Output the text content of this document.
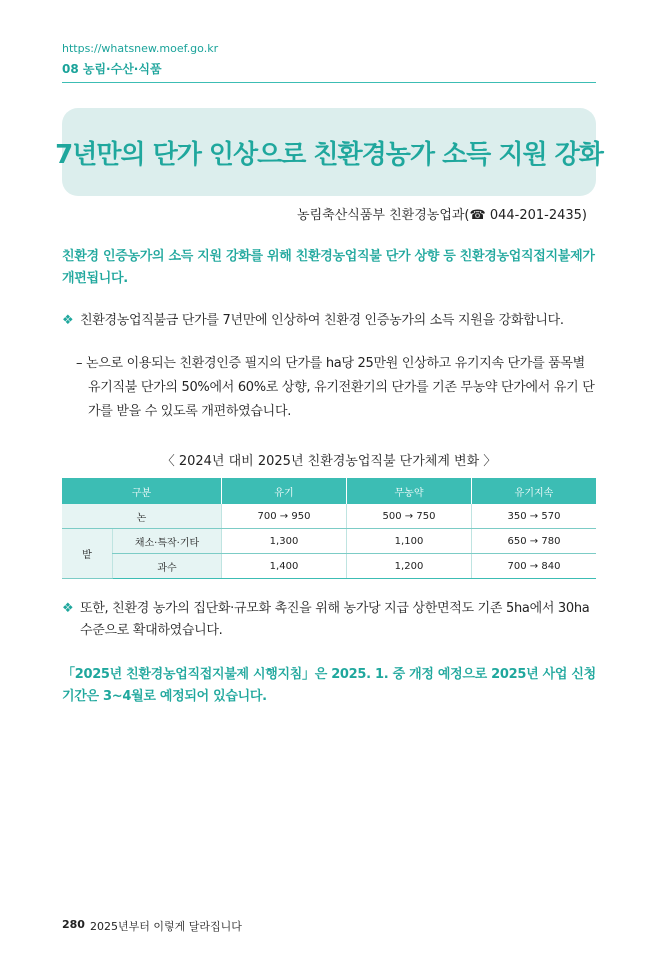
https://whatsnew.moef.go.kr
08 농림·수산·식품
7년만의 단가 인상으로 친환경농가 소득 지원 강화
농림축산식품부 친환경농업과(☎ 044-201-2435)
친환경 인증농가의 소득 지원 강화를 위해 친환경농업직불 단가 상향 등 친환경농업직접지불제가 개편됩니다.
❖ 친환경농업직불금 단가를 7년만에 인상하여 친환경 인증농가의 소득 지원을 강화합니다.
– 논으로 이용되는 친환경인증 필지의 단가를 ha당 25만원 인상하고 유기지속 단가를 품목별 유기직불 단가의 50%에서 60%로 상향, 유기전환기의 단가를 기존 무농약 단가에서 유기 단가를 받을 수 있도록 개편하였습니다.
〈 2024년 대비 2025년 친환경농업직불 단가체계 변화 〉
구분		유기	무농약	유기지속
논		700 → 950	500 → 750	350 → 570
밭	채소·특작·기타	1,300	1,100	650 → 780
	과수	1,400	1,200	700 → 840
❖ 또한, 친환경 농가의 집단화·규모화 촉진을 위해 농가당 지급 상한면적도 기존 5ha에서 30ha 수준으로 확대하였습니다.
「2025년 친환경농업직접지불제 시행지침」은 2025. 1. 중 개정 예정으로 2025년 사업 신청기간은 3~4월로 예정되어 있습니다.
280 2025년부터 이렇게 달라집니다
